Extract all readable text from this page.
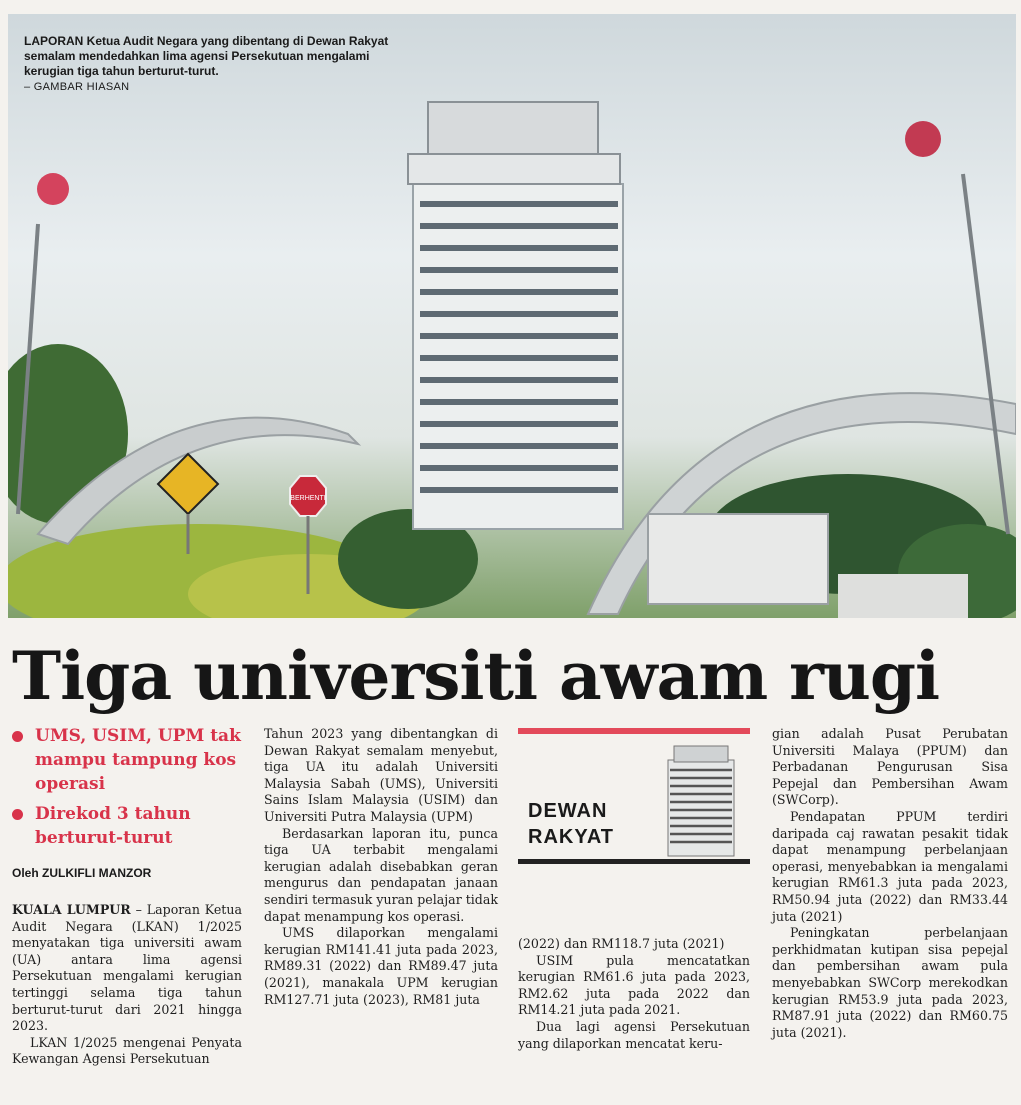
BERHENTI
LAPORAN Ketua Audit Negara yang dibentang di Dewan Rakyat semalam mendedahkan lima agensi Persekutuan mengalami kerugian tiga tahun berturut-turut.
– GAMBAR HIASAN
Tiga universiti awam rugi
UMS, USIM, UPM tak mampu tampung kos operasi
Direkod 3 tahun berturut-turut
Oleh ZULKIFLI MANZOR

KUALA LUMPUR – Laporan Ketua Audit Negara (LKAN) 1/2025 menyatakan tiga universiti awam (UA) antara lima agensi Persekutuan mengalami kerugian tertinggi selama tiga tahun berturut-turut dari 2021 hingga 2023.

LKAN 1/2025 mengenai Penyata Kewangan Agensi Persekutuan

Tahun 2023 yang dibentangkan di Dewan Rakyat semalam menyebut, tiga UA itu adalah Universiti Malaysia Sabah (UMS), Universiti Sains Islam Malaysia (USIM) dan Universiti Putra Malaysia (UPM)

Berdasarkan laporan itu, punca tiga UA terbabit mengalami kerugian adalah disebabkan geran mengurus dan pendapatan janaan sendiri termasuk yuran pelajar tidak dapat menampung kos operasi.

UMS dilaporkan mengalami kerugian RM141.41 juta pada 2023, RM89.31 (2022) dan RM89.47 juta (2021), manakala UPM kerugian RM127.71 juta (2023), RM81 juta

DEWAN
RAKYAT

(2022) dan RM118.7 juta (2021)

USIM pula mencatatkan kerugian RM61.6 juta pada 2023, RM2.62 juta pada 2022 dan RM14.21 juta pada 2021.

Dua lagi agensi Persekutuan yang dilaporkan mencatat keru-

gian adalah Pusat Perubatan Universiti Malaya (PPUM) dan Perbadanan Pengurusan Sisa Pepejal dan Pembersihan Awam (SWCorp).

Pendapatan PPUM terdiri daripada caj rawatan pesakit tidak dapat menampung perbelanjaan operasi, menyebabkan ia mengalami kerugian RM61.3 juta pada 2023, RM50.94 juta (2022) dan RM33.44 juta (2021)

Peningkatan perbelanjaan perkhidmatan kutipan sisa pepejal dan pembersihan awam pula menyebabkan SWCorp merekodkan kerugian RM53.9 juta pada 2023, RM87.91 juta (2022) dan RM60.75 juta (2021).
